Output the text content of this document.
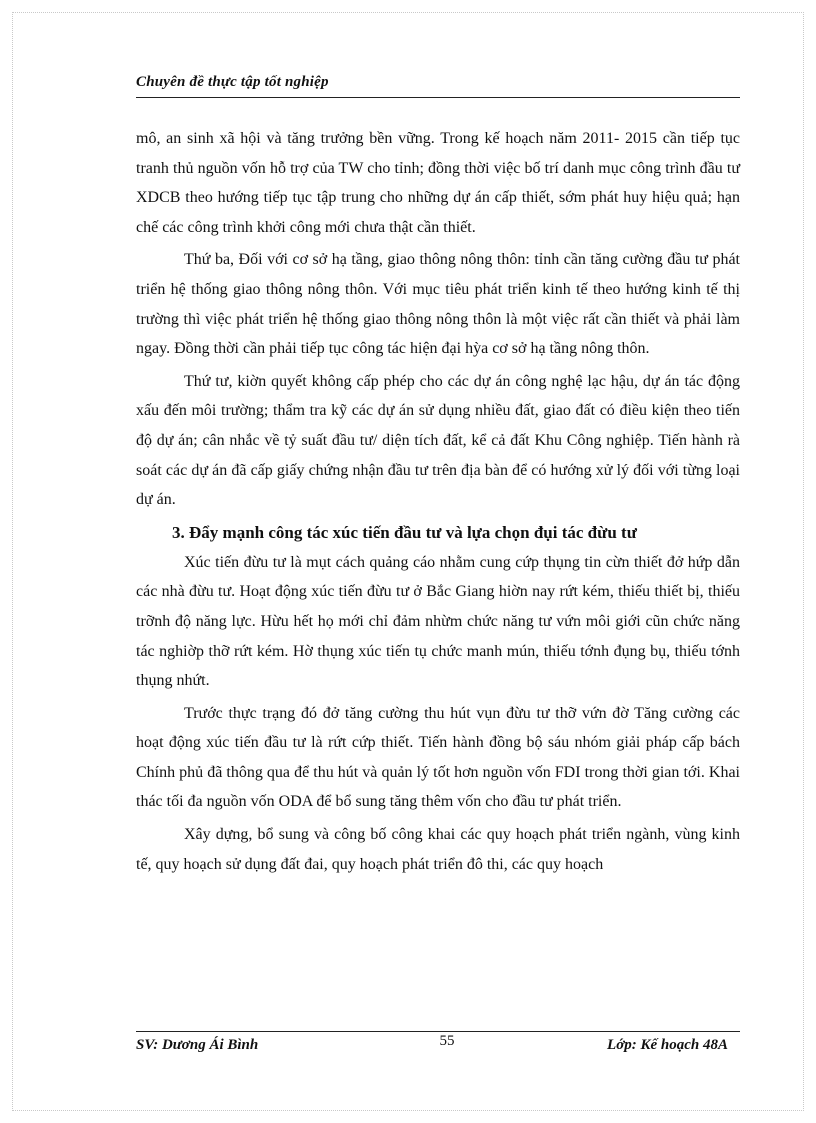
Chuyên đề thực tập tốt nghiệp

mô, an sinh xã hội và tăng trưởng bền vững. Trong kế hoạch năm 2011- 2015 cần tiếp tục tranh thủ nguồn vốn hỗ trợ của TW cho tỉnh; đồng thời việc bố trí danh mục công trình đầu tư XDCB theo hướng tiếp tục tập trung cho những dự án cấp thiết, sớm phát huy hiệu quả; hạn chế các công trình khởi công mới chưa thật cần thiết.

Thứ ba, Đối với cơ sở hạ tầng, giao thông nông thôn: tỉnh cần tăng cường đầu tư phát triển hệ thống giao thông nông thôn. Với mục tiêu phát triển kinh tế theo hướng kinh tế thị trường thì việc phát triển hệ thống giao thông nông thôn là một việc rất cần thiết và phải làm ngay. Đồng thời cần phải tiếp tục công tác hiện đại hỳa cơ sở hạ tầng nông thôn.

Thứ tư, kiờn quyết không cấp phép cho các dự án công nghệ lạc hậu, dự án tác động xấu đến môi trường; thẩm tra kỹ các dự án sử dụng nhiều đất, giao đất có điều kiện theo tiến độ dự án; cân nhắc về tỷ suất đầu tư/ diện tích đất, kể cả đất Khu Công nghiệp. Tiến hành rà soát các dự án đã cấp giấy chứng nhận đầu tư trên địa bàn để có hướng xử lý đối với từng loại dự án.

3. Đẩy mạnh công tác xúc tiến đầu tư và lựa chọn đụi tác đừu tư

Xúc tiến đừu tư là mụt cách quảng cáo nhằm cung cứp thụng tin cừn thiết đở hứp dẫn các nhà đừu tư. Hoạt động xúc tiến đừu tư ở Bắc Giang hiờn nay rứt kém, thiếu thiết bị, thiếu trỡnh độ năng lực. Hừu hết họ mới chỉ đảm nhừm chức năng tư vứn môi giới cũn chức năng tác nghiờp thỡ rứt kém. Hờ thụng xúc tiến tụ chức manh mún, thiếu tớnh đụng bụ, thiếu tớnh thụng nhứt.

Trước thực trạng đó đở tăng cường thu hút vụn đừu tư thỡ vứn đờ Tăng cường các hoạt động xúc tiến đầu tư là rứt cứp thiết. Tiến hành đồng bộ sáu nhóm giải pháp cấp bách Chính phủ đã thông qua để thu hút và quản lý tốt hơn nguồn vốn FDI trong thời gian tới. Khai thác tối đa nguồn vốn ODA để bổ sung tăng thêm vốn cho đầu tư phát triển.

Xây dựng, bổ sung và công bố công khai các quy hoạch phát triển ngành, vùng kinh tế, quy hoạch sử dụng đất đai, quy hoạch phát triển đô thi, các quy hoạch

SV: Dương Ái Bình	55	Lớp: Kế hoạch 48A
